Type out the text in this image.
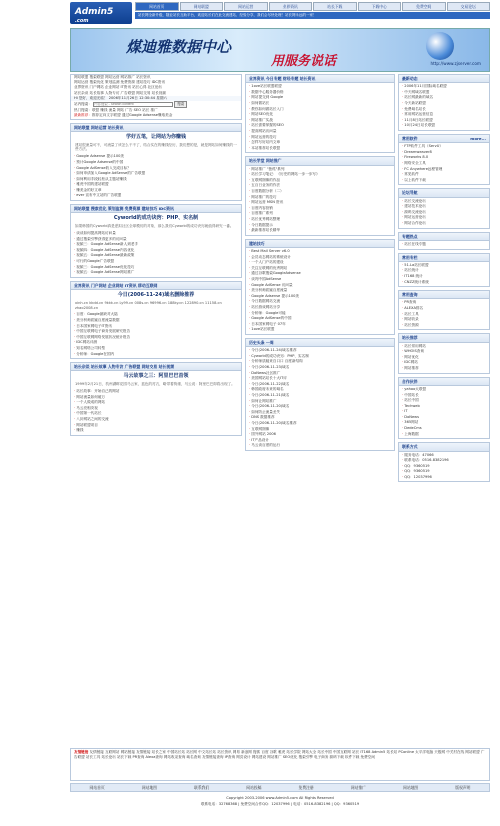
Admin5
.com
网站首页	网站联盟	网站运营	业界资讯	站长下载	下载中心	免费空间	交易论坛
站长网全新升级，随业站长互助平台，欢迎站长们在此交流建站、经验分享，我们会尽快处理！站长网永远的一家！
煤迪雅数据中心
用服务说话	http://www.zjserver.com
网站联盟 搜索联盟 网站运营 网站推广 站长资讯
网站运营 搜索优化 策划监测 免费资源 建站技巧 IDC资讯
业界资讯 门户网站 企业网站 IT资讯 站长心得 社区论坛
站长杂谈 站长故事 人物专访 广告联盟 网站交易 站长视频
Hi 您好，欢迎光临！ 2006年11月26日 12:30:44 星期六
站内搜索： 内容搜索 - Search content	搜索
热门搜索：联盟 赚钱 流量 网站 广告 SEO 站长 推广
最新推荐：推荐定向文字联盟 通过Google Adsense赚取美金
网站联盟 网站运营 站长资讯
学好五笔，让网站为你赚钱
建站很流量可不，可流量了该怎么干不了，结合实在的赚钱经历，我们想的是，就是网站如何赚钱的一些方法。
· Google Adsense 提示100美
· 预计Google Adsense的中国
· Google AdSense收入完成目标？
· 如何申请加入Google AdSense的广告联盟
· 如何利用手段轻松从主题站赚钱
· 雅虎中国的建站联盟
· 赚美金的好文章
· ever 宣布中文站的广告联盟
网站联盟 搜索优化 策划监测 免费资源 建站技巧 IDC资讯
Cyworld的成功诀窍：PHP、实名制
如果韩国的Cyworld真是虚拟社区全球模仿的对象，那么我们Cyworld的成功诀窍就值得研究一番。
· 谈谈如何提高网站访问量
· 通过搜索引擎获得更多的访问量
· 视频三：Google AdSense新人到老手
· 视频四：Google AdSense内容优化
· 视频五：Google AdSense最新政策
· 可行的Google广告联盟
· 视频三：Google AdSense优化技巧
· 视频五：Google AdSense网站推广
业界资讯 门户网站 企业网站 IT资讯 移动互联网
今日(2006-11-24)域名删除推荐
xinh.cn kkdd.cn 9kkk.cn Ly99.cn 008s.cn 96996.cn 188ky.cn 122890.cn 11158.cn zhao2008.cn
· 百度：Google最缺对大陆
· 美分析师质疑百度流量数据
· 日本国家网电子IT资讯
· 中国互联网电子商务发展研究报告
· 中国互联网网络发展状况统计报告
· IDC网站评测
· 知名网络公司转型
· 分析师：Google在国内
站长杂谈 站长故事 人物专访 广告联盟 网站交易 站长视频
马云故事之三：阿里巴巴首领
1999年2月21日，杭州湖畔花园马云家，蓝色的衬衣，略带着拘谨，马云说：阿里巴巴即将出现了。
· 站长故事：开始自己的网站
· 网站流量如何破万
· 一个人做成的网站
· 马云亮相央视
· 中国第一代站长
· 八卦网站之间的交流
· 网站联盟项目
· 赚钱
业界资讯 今日专题 财经专题 站长资讯
· 1ove站长联盟联盟
· 数据中心服务器价格
· 网站提交到 Google
· 如何做站长
· 教你如何做站长入门
· 网站SEO优化
· 网站推广实战
· 站长需要掌握的SEO
· 提高网站访问量
· 网站运营的技巧
· 怎样写好站内文章
· 本站推荐站长联盟
站长学堂 网站推广
· 网站推广 "独孤"系列
· 站长学习笔记：《历史的网站一步一步写》
· 互联网图像的作品
· 五百日业务的作法
· 百度数据分析（二）
· 网站推广的技巧
· 网站运营 MSN 资讯
· 百度内容营销
· 百度推广系列
· 站长优秀网站整理
· 今日数据提示
· 最新推荐站长精华
建站技巧
· Best Mail Server v6.0
· 会员动态网站的系统设计
· 一个人门户站的建设
· 关注互联网的优秀网站
· 通过谷歌搜索GoogleAdsense
· 谈判中国AdSense
· Google AdSense 访问量
· 美分析师质疑百度流量
· Google Adsense 提示100美
· 今日数据网站交流
· 站长游戏网站分享
· 分析师：Google可能
· Google AdSense的中国
· 日本国家网电子 07年
· 1ove站长联盟
历史头条 一周
· 今日(2006-11-24)域名推荐
· Cyworld的成功诀窍：PHP、实名制
· 分析师质疑来自口口 百度新结构
· 今日(2006-11-23)域名
· DoNews社区推广
· 美国网站站长十大IT评
· 今日(2006-11-22)域名
· 韩国政府未来的域名
· 今日(2006-11-21)域名
· 如何让网站推广
· 今日(2006-11-20)域名
· 如何防止流量丢失
· DNS 数据推荐
· 今日(2006-11-20)域名推荐
· 互联网图像
· 国外网站 2006
· IT产品设计
· 马云谈百度的运行
最新动态
· 2006年11月国际域名联盟
· 中天网域名联盟
· 站长网最新的域名
· 今天新站联盟
· 免费域名站长
· 常用网站运营信息
· 11月8日站长联盟
· 10月24日站长联盟
常用软件	more...
· FTP软件工具（ServU）
· Dreamweaver8
· Fireworks 8.0
· 网络安全工具
· FC Anywhere远程管理
· 常见软件
· 以上软件下载
论坛导航
· 站长交流论坛
· 建站技术论坛
· 源码交流论坛
· 网站运营论坛
· 网站合作论坛
专题热点
· 站长在线专题
常用专栏
· 51.La站长联盟
· 站长统计
· IT168 统计
· CNZZ统计系统
常用查询
· PR查询
· ALEXA排名
· 站长工具
· 网站收录
· 站长资源
站长推荐
· 站长常用网站
· WHOIS查询
· 网站优化
· IDC网站
· 网站推荐
合作伙伴
· yahoo大联盟
· 中国站长
· 站长中国
· Techweb
· IT
· DoNews
· 365网站
· DedeCms
· 上海数据
联系方式
· 服务电话：47066
· 联系电话：0516-8382196
· QQ：9360519
· QQ：9360519
· QQ：12037996

友情链接 友情链接 互联网站 网站链接 友情链接 站长之家 中国站长站 站长网 中文站长站 站长资讯 网易 新浪网 搜狐 百度 谷歌 雅虎 站长学院 网站大全 站长中国 中国互联网 站长 IT168 Admin5 站长站 PConline 太平洋电脑 天极网 中关村在线 网站联盟 广告联盟 站长工具 站长论坛 站长下载 PR查询 Alexa查询 网站收录查询 域名查询 友情链接查询 IP查询 网页设计 网站建设 网站推广 SEO优化 搜索引擎 电子商务 源码下载 软件下载 免费空间

网站首页	网站地图	联系我们	网站投稿	免费注册	网站推广	网站地图	版权声明
Copyright 2003-2006 www.Admin5.com All Rights Reserved
联系电话：32768368 | 免费空间合作QQ：12037996 | 电话：0516-8382196 | QQ：9360519
